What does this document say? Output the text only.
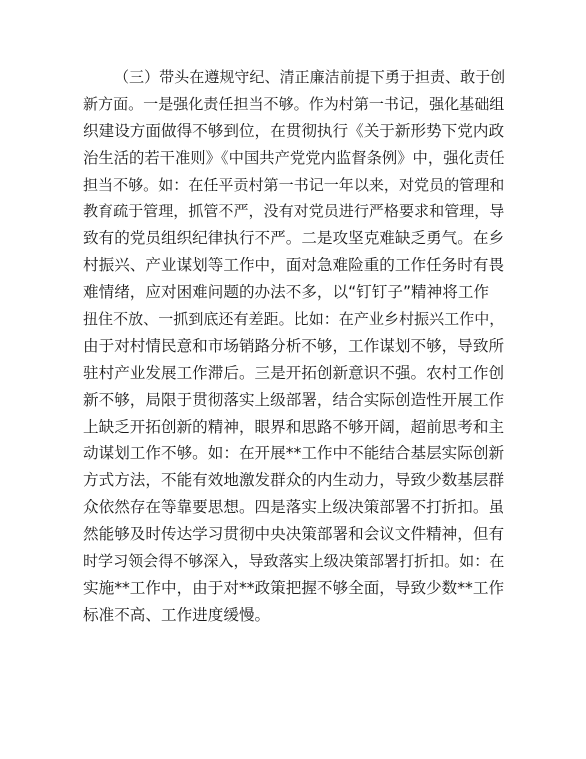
（三）带头在遵规守纪、清正廉洁前提下勇于担责、敢于创
新方面。一是强化责任担当不够。作为村第一书记，强化基础组
织建设方面做得不够到位，在贯彻执行《关于新形势下党内政
治生活的若干准则》《中国共产党党内监督条例》中，强化责任
担当不够。如：在任平贡村第一书记一年以来，对党员的管理和
教育疏于管理，抓管不严，没有对党员进行严格要求和管理，导
致有的党员组织纪律执行不严。二是攻坚克难缺乏勇气。在乡
村振兴、产业谋划等工作中，面对急难险重的工作任务时有畏
难情绪，应对困难问题的办法不多，以“钉钉子”精神将工作
扭住不放、一抓到底还有差距。比如：在产业乡村振兴工作中，
由于对村情民意和市场销路分析不够，工作谋划不够，导致所
驻村产业发展工作滞后。三是开拓创新意识不强。农村工作创
新不够，局限于贯彻落实上级部署，结合实际创造性开展工作
上缺乏开拓创新的精神，眼界和思路不够开阔，超前思考和主
动谋划工作不够。如：在开展**工作中不能结合基层实际创新
方式方法，不能有效地激发群众的内生动力，导致少数基层群
众依然存在等靠要思想。四是落实上级决策部署不打折扣。虽
然能够及时传达学习贯彻中央决策部署和会议文件精神，但有
时学习领会得不够深入，导致落实上级决策部署打折扣。如：在
实施**工作中，由于对**政策把握不够全面，导致少数**工作
标准不高、工作进度缓慢。
